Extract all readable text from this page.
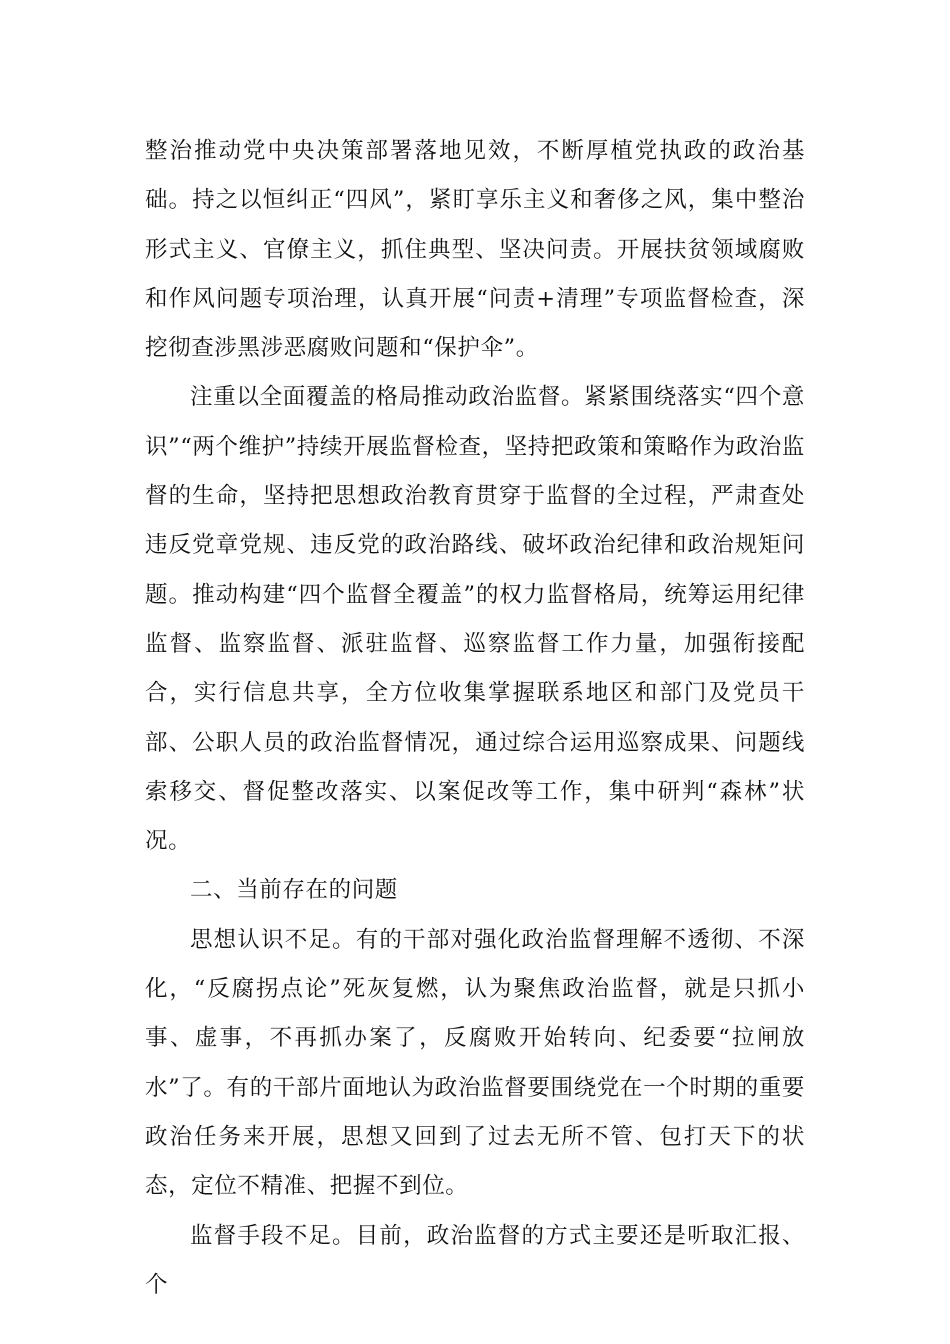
整治推动党中央决策部署落地见效，不断厚植党执政的政治基础。持之以恒纠正“四风”，紧盯享乐主义和奢侈之风，集中整治形式主义、官僚主义，抓住典型、坚决问责。开展扶贫领域腐败和作风问题专项治理，认真开展“问责+清理”专项监督检查，深挖彻查涉黑涉恶腐败问题和“保护伞”。

注重以全面覆盖的格局推动政治监督。紧紧围绕落实“四个意识”“两个维护”持续开展监督检查，坚持把政策和策略作为政治监督的生命，坚持把思想政治教育贯穿于监督的全过程，严肃查处违反党章党规、违反党的政治路线、破坏政治纪律和政治规矩问题。推动构建“四个监督全覆盖”的权力监督格局，统筹运用纪律监督、监察监督、派驻监督、巡察监督工作力量，加强衔接配合，实行信息共享，全方位收集掌握联系地区和部门及党员干部、公职人员的政治监督情况，通过综合运用巡察成果、问题线索移交、督促整改落实、以案促改等工作，集中研判“森林”状况。

二、当前存在的问题

思想认识不足。有的干部对强化政治监督理解不透彻、不深化，“反腐拐点论”死灰复燃，认为聚焦政治监督，就是只抓小事、虚事，不再抓办案了，反腐败开始转向、纪委要“拉闸放水”了。有的干部片面地认为政治监督要围绕党在一个时期的重要政治任务来开展，思想又回到了过去无所不管、包打天下的状态，定位不精准、把握不到位。

监督手段不足。目前，政治监督的方式主要还是听取汇报、个
